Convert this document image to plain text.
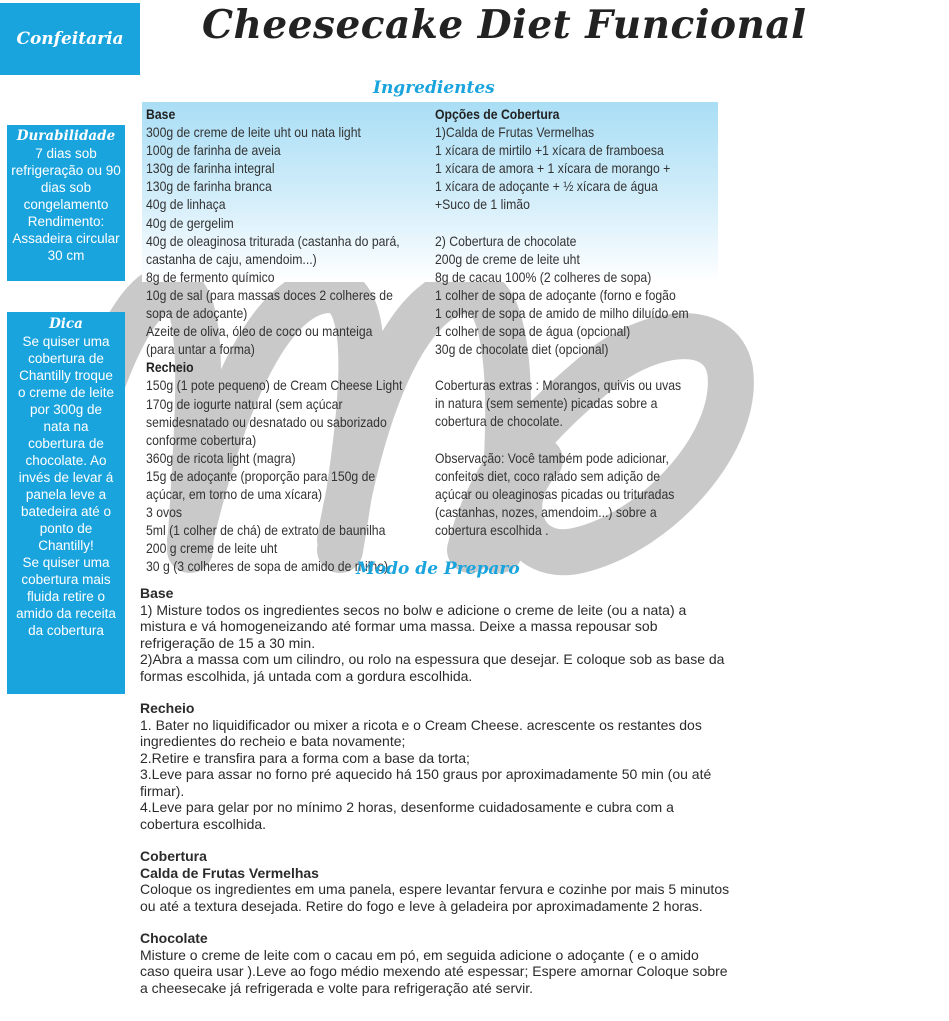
Confeitaria	Cheesecake Diet Funcional
Ingredientes
Durabilidade
7 dias sob
refrigeração ou 90
dias sob
congelamento
Rendimento:
Assadeira circular
30 cm
Dica
Se quiser uma
cobertura de
Chantilly troque
o creme de leite
por 300g de
nata na
cobertura de
chocolate. Ao
invés de levar á
panela leve a
batedeira até o
ponto de
Chantilly!
Se quiser uma
cobertura mais
fluida retire o
amido da receita
da cobertura
Base
300g de creme de leite uht ou nata light
100g de farinha de aveia
130g de farinha integral
130g de farinha branca
40g de linhaça
40g de gergelim
40g de oleaginosa triturada (castanha do pará,
castanha de caju, amendoim...)
8g de fermento químico
10g de sal (para massas doces 2 colheres de
sopa de adoçante)
Azeite de oliva, óleo de coco ou manteiga
(para untar a forma)
Recheio
150g (1 pote pequeno) de Cream Cheese Light
170g de iogurte natural (sem açúcar
semidesnatado ou desnatado ou saborizado
conforme cobertura)
360g de ricota light (magra)
15g de adoçante (proporção para 150g de
açúcar, em torno de uma xícara)
3 ovos
5ml (1 colher de chá) de extrato de baunilha
200 g creme de leite uht
30 g (3 colheres de sopa de amido de milho)
Opções de Cobertura
1)Calda de Frutas Vermelhas
1 xícara de mirtilo +1 xícara de framboesa
1 xícara de amora + 1 xícara de morango +
1 xícara de adoçante + ½ xícara de água
+Suco de 1 limão
2) Cobertura de chocolate
200g de creme de leite uht
8g de cacau 100% (2 colheres de sopa)
1 colher de sopa de adoçante (forno e fogão
1 colher de sopa de amido de milho diluído em
1 colher de sopa de água (opcional)
30g de chocolate diet (opcional)
Coberturas extras : Morangos, quivis ou uvas
in natura (sem semente) picadas sobre a
cobertura de chocolate.
Observação: Você também pode adicionar,
confeitos diet, coco ralado sem adição de
açúcar ou oleaginosas picadas ou trituradas
(castanhas, nozes, amendoim...) sobre a
cobertura escolhida .
Modo de Preparo

Base

1) Misture todos os ingredientes secos no bolw e adicione o creme de leite (ou a nata) a mistura e vá homogeneizando até formar uma massa. Deixe a massa repousar sob refrigeração de 15 a 30 min.

2)Abra a massa com um cilindro, ou rolo na espessura que desejar. E coloque sob as base da formas escolhida, já untada com a gordura escolhida.

Recheio

1. Bater no liquidificador ou mixer a ricota e o Cream Cheese. acrescente os restantes dos ingredientes do recheio e bata novamente;

2.Retire e transfira para a forma com a base da torta;

3.Leve para assar no forno pré aquecido há 150 graus por aproximadamente 50 min (ou até firmar).

4.Leve para gelar por no mínimo 2 horas, desenforme cuidadosamente e cubra com a cobertura escolhida.

Cobertura

Calda de Frutas Vermelhas

Coloque os ingredientes em uma panela, espere levantar fervura e cozinhe por mais 5 minutos ou até a textura desejada. Retire do fogo e leve à geladeira por aproximadamente 2 horas.

Chocolate

Misture o creme de leite com o cacau em pó, em seguida adicione o adoçante ( e o amido caso queira usar ).Leve ao fogo médio mexendo até espessar; Espere amornar Coloque sobre a cheesecake já refrigerada e volte para refrigeração até servir.
